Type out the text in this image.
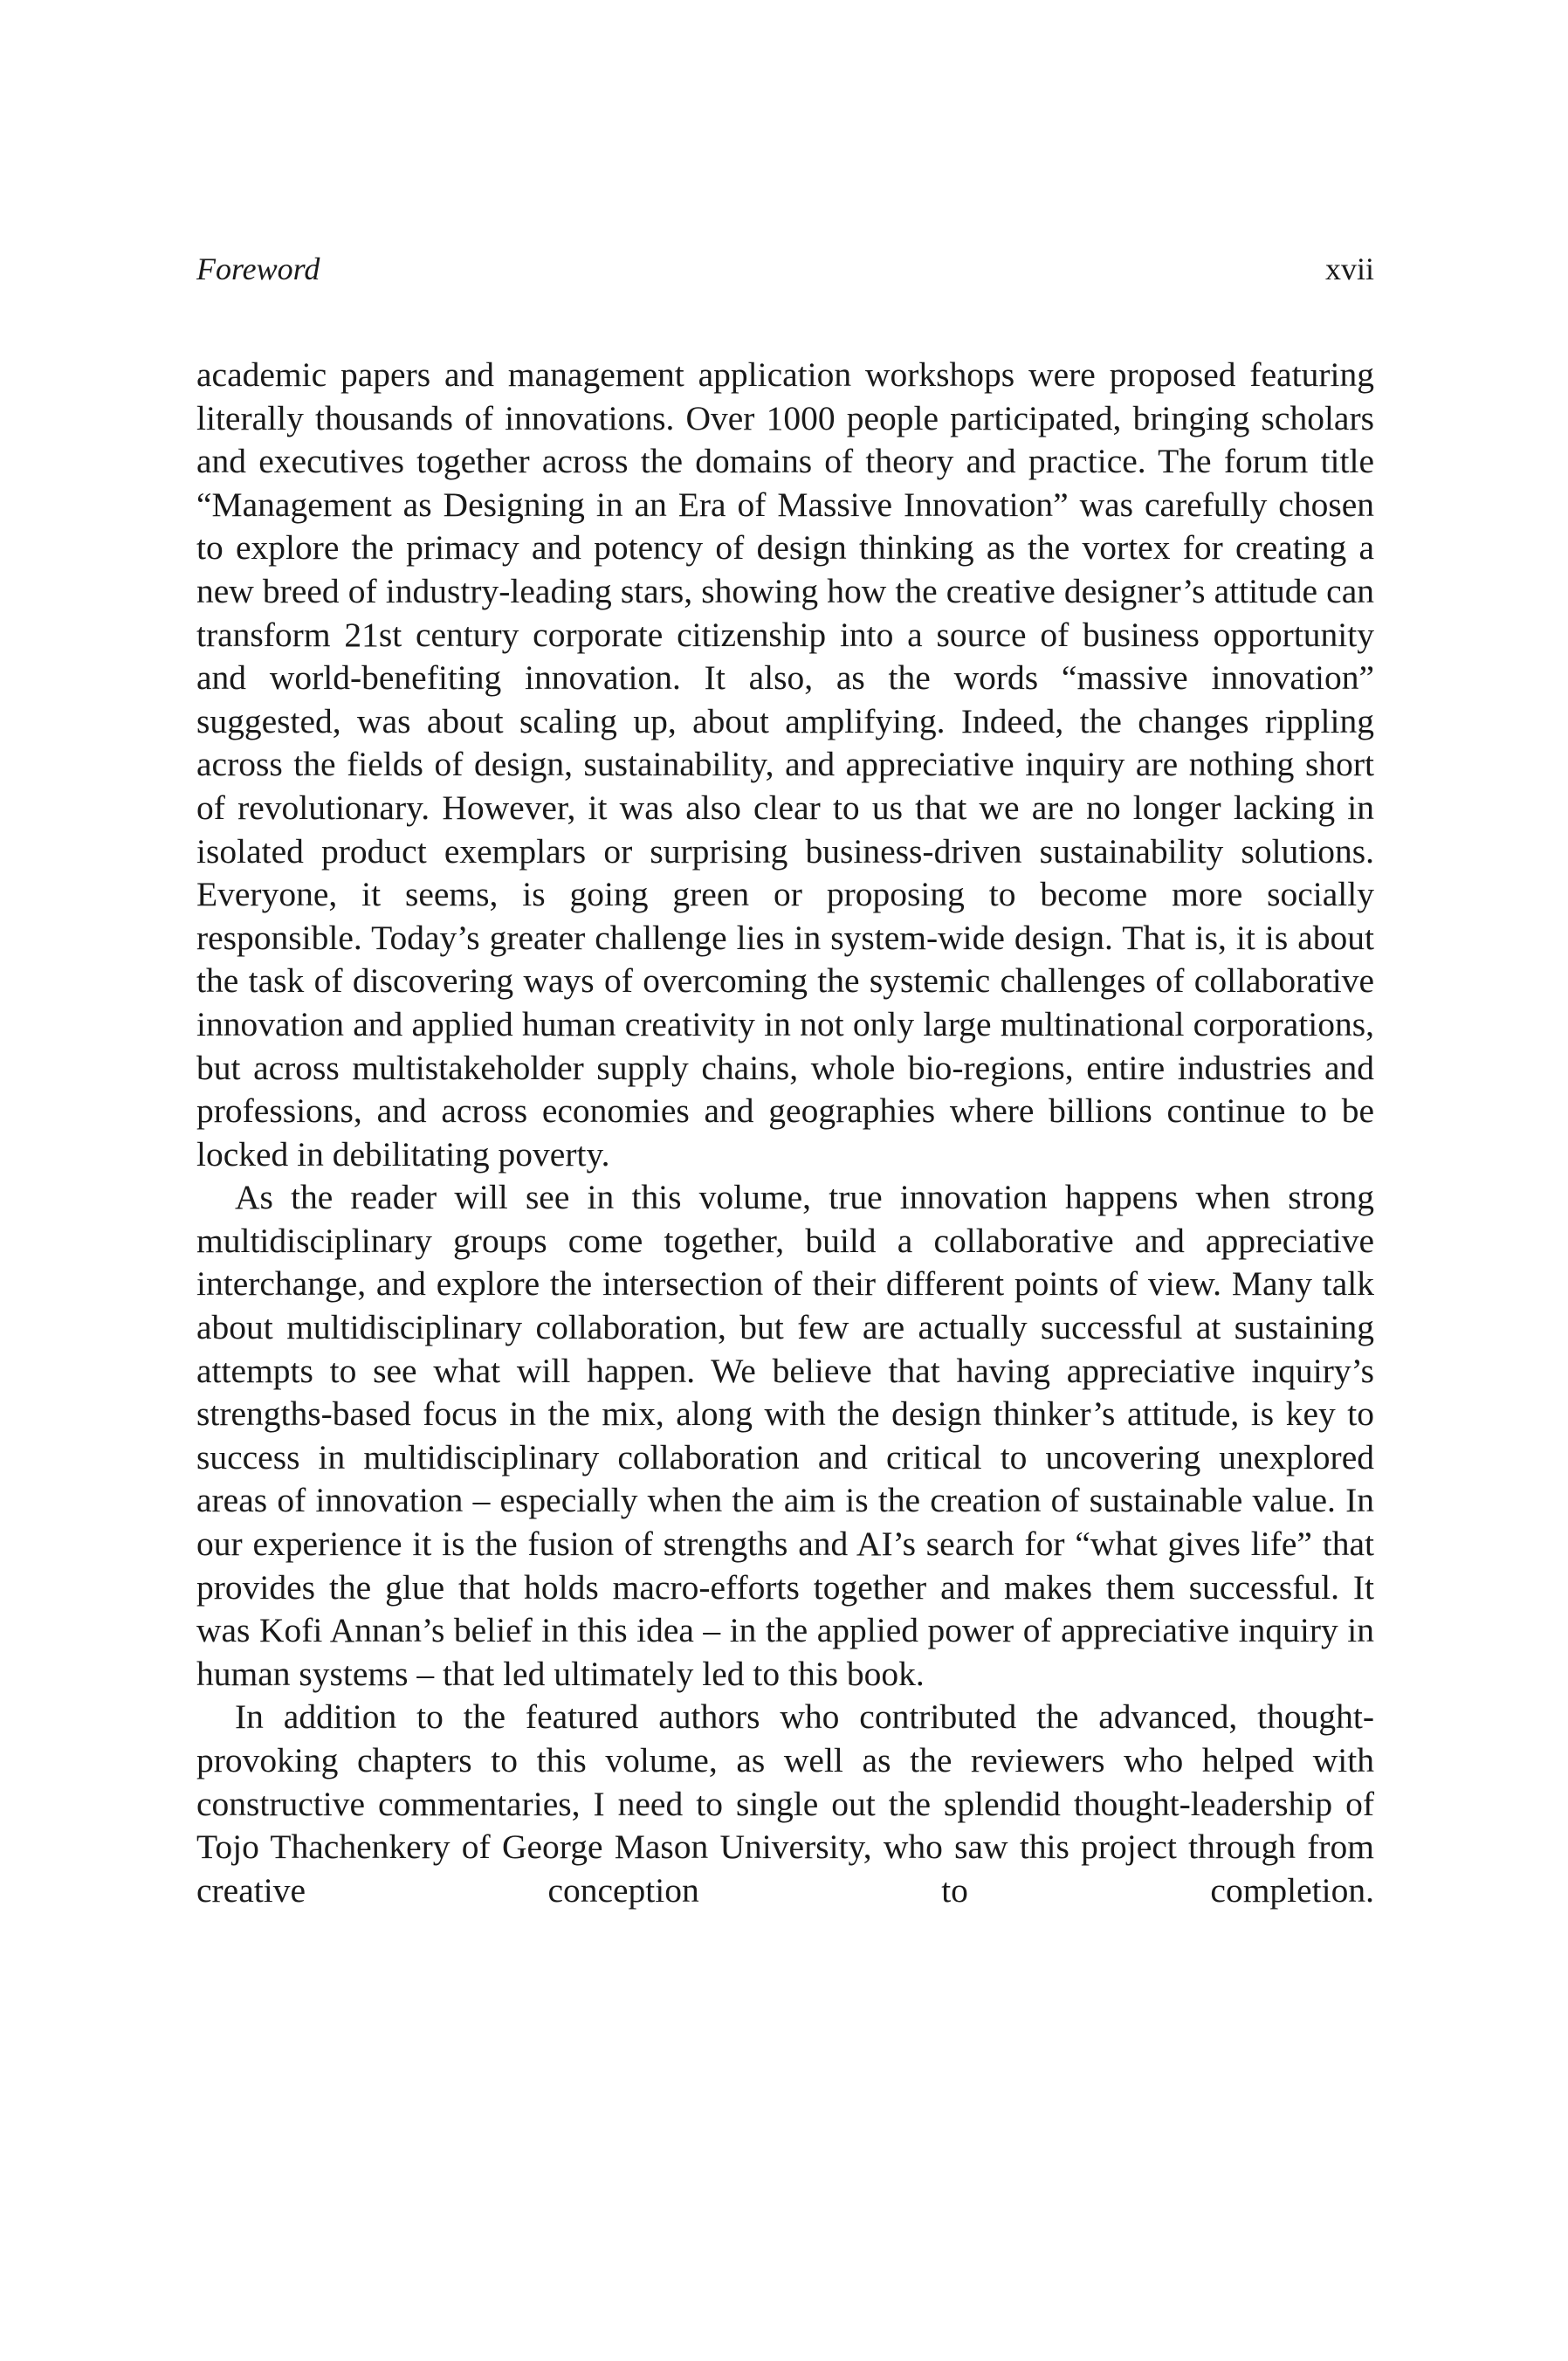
Foreword	xvii

academic papers and management application workshops were proposed featuring literally thousands of innovations. Over 1000 people participated, bringing scholars and executives together across the domains of theory and practice. The forum title “Management as Designing in an Era of Massive Innovation” was carefully chosen to explore the primacy and potency of design thinking as the vortex for creating a new breed of industry-leading stars, showing how the creative designer’s attitude can transform 21st century corporate citizenship into a source of business opportunity and world-benefiting innovation. It also, as the words “massive innovation” suggested, was about scaling up, about amplifying. Indeed, the changes rippling across the fields of design, sustainability, and appreciative inquiry are nothing short of revolutionary. However, it was also clear to us that we are no longer lacking in isolated product exemplars or surprising business-driven sustainability solutions. Everyone, it seems, is going green or proposing to become more socially responsible. Today’s greater challenge lies in system-wide design. That is, it is about the task of discovering ways of overcoming the systemic challenges of collaborative innovation and applied human creativity in not only large multinational corporations, but across multistakeholder supply chains, whole bio-regions, entire industries and professions, and across economies and geographies where billions continue to be locked in debilitating poverty.

As the reader will see in this volume, true innovation happens when strong multidisciplinary groups come together, build a collaborative and appreciative interchange, and explore the intersection of their different points of view. Many talk about multidisciplinary collaboration, but few are actually successful at sustaining attempts to see what will happen. We believe that having appreciative inquiry’s strengths-based focus in the mix, along with the design thinker’s attitude, is key to success in multidisciplinary collaboration and critical to uncovering unexplored areas of innovation – especially when the aim is the creation of sustainable value. In our experience it is the fusion of strengths and AI’s search for “what gives life” that provides the glue that holds macro-efforts together and makes them successful. It was Kofi Annan’s belief in this idea – in the applied power of appreciative inquiry in human systems – that led ultimately led to this book.

In addition to the featured authors who contributed the advanced, thought-provoking chapters to this volume, as well as the reviewers who helped with constructive commentaries, I need to single out the splendid thought-leadership of Tojo Thachenkery of George Mason University, who saw this project through from creative conception to completion.
